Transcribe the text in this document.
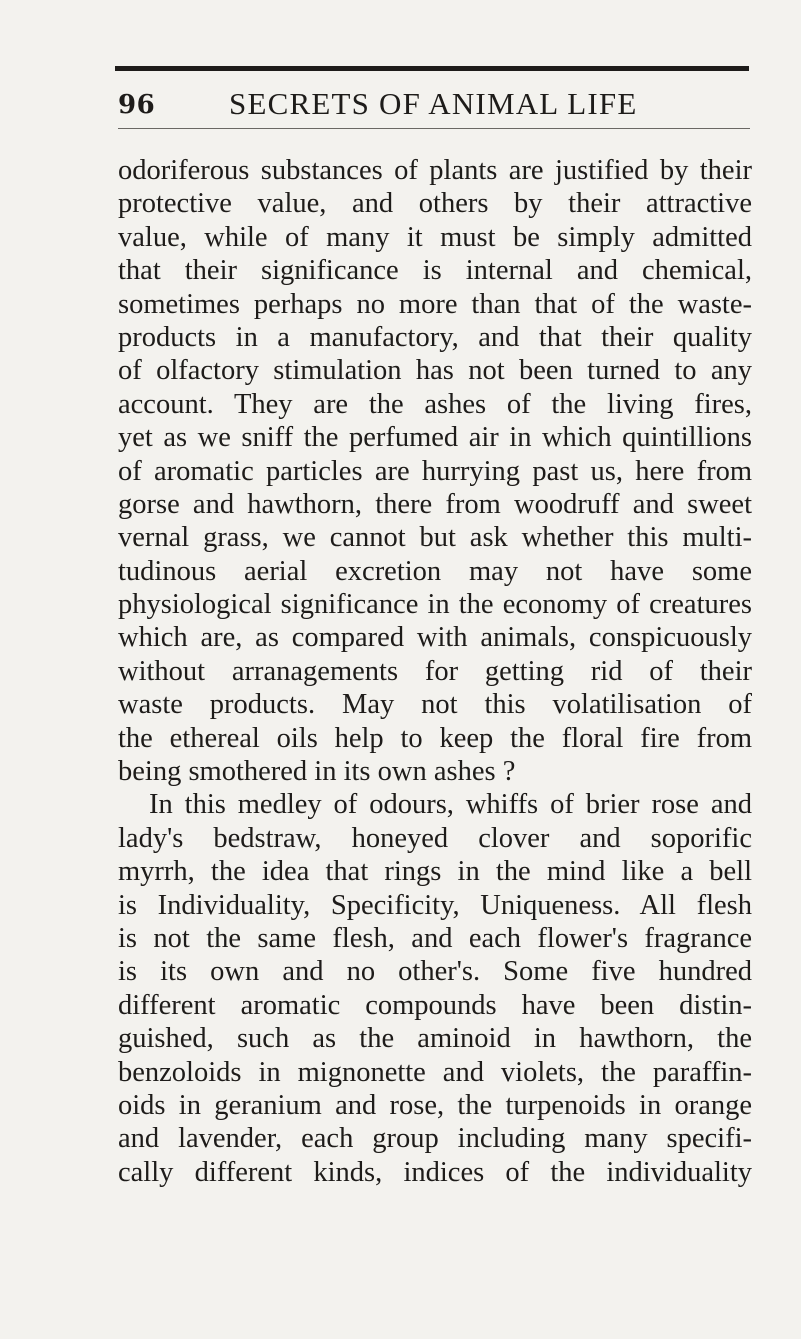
96 SECRETS OF ANIMAL LIFE
odoriferous substances of plants are justified by their
protective value, and others by their attractive
value, while of many it must be simply admitted
that their significance is internal and chemical,
sometimes perhaps no more than that of the waste-
products in a manufactory, and that their quality
of olfactory stimulation has not been turned to any
account. They are the ashes of the living fires,
yet as we sniff the perfumed air in which quintillions
of aromatic particles are hurrying past us, here from
gorse and hawthorn, there from woodruff and sweet
vernal grass, we cannot but ask whether this multi-
tudinous aerial excretion may not have some
physiological significance in the economy of creatures
which are, as compared with animals, conspicuously
without arranagements for getting rid of their
waste products. May not this volatilisation of
the ethereal oils help to keep the floral fire from
being smothered in its own ashes ?
In this medley of odours, whiffs of brier rose and
lady's bedstraw, honeyed clover and soporific
myrrh, the idea that rings in the mind like a bell
is Individuality, Specificity, Uniqueness. All flesh
is not the same flesh, and each flower's fragrance
is its own and no other's. Some five hundred
different aromatic compounds have been distin-
guished, such as the aminoid in hawthorn, the
benzoloids in mignonette and violets, the paraffin-
oids in geranium and rose, the turpenoids in orange
and lavender, each group including many specifi-
cally different kinds, indices of the individuality
